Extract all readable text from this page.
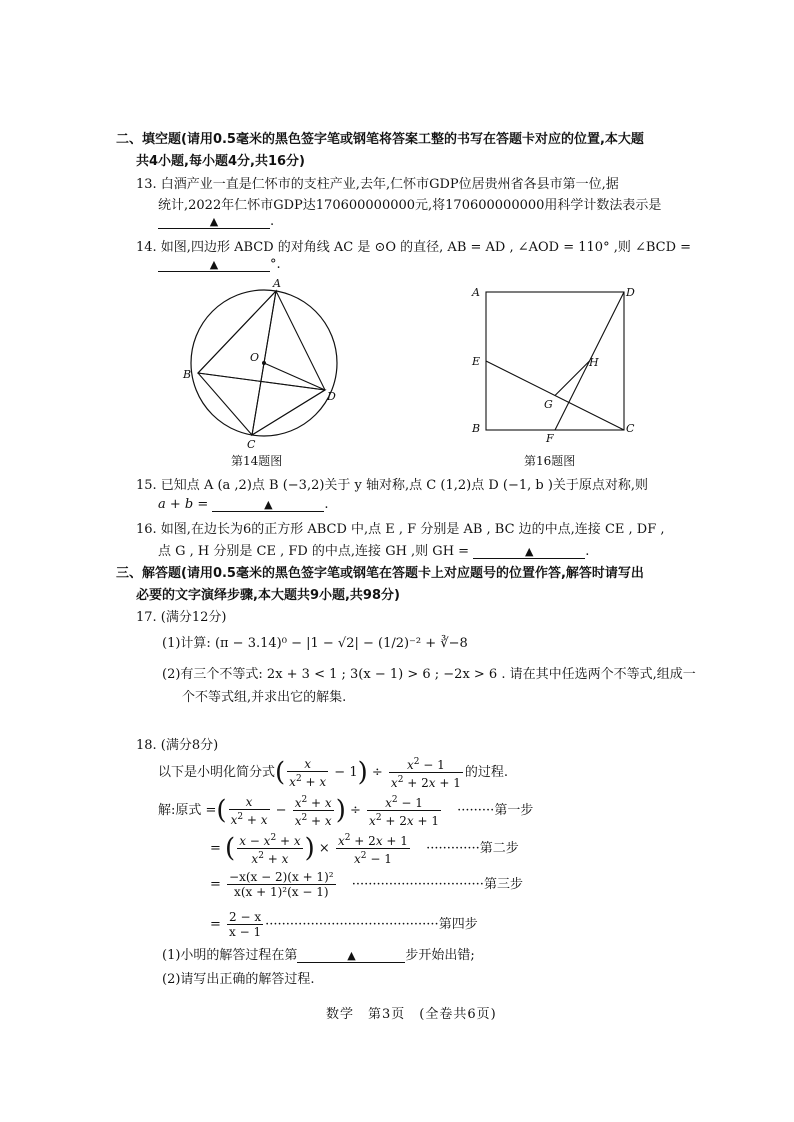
二、填空题(请用0.5毫米的黑色签字笔或钢笔将答案工整的书写在答题卡对应的位置,本大题
共4小题,每小题4分,共16分)
13. 白酒产业一直是仁怀市的支柱产业,去年,仁怀市GDP位居贵州省各县市第一位,据
统计,2022年仁怀市GDP达170600000000元,将170600000000用科学计数法表示是
▲	.
14. 如图,四边形 ABCD 的对角线 AC 是 ⊙O 的直径, AB = AD , ∠AOD = 110° ,则 ∠BCD =
▲	°.
A
O
B
D
C
第14题图
A	D
E	H
G
B
F
C
第16题图
15. 已知点 A (a ,2)点 B (−3,2)关于 y 轴对称,点 C (1,2)点 D (−1, b )关于原点对称,则
a + b =	▲	.
16. 如图,在边长为6的正方形 ABCD 中,点 E , F 分别是 AB , BC 边的中点,连接 CE , DF ,
点 G , H 分别是 CE , FD 的中点,连接 GH ,则 GH =	▲	.
三、解答题(请用0.5毫米的黑色签字笔或钢笔在答题卡上对应题号的位置作答,解答时请写出
必要的文字演绎步骤,本大题共9小题,共98分)
17. (满分12分)
(1)计算: (π − 3.14)⁰ − |1 − √2| − (1/2)⁻² + ∛−8
(2)有三个不等式: 2x + 3 < 1 ; 3(x − 1) > 6 ; −2x > 6 . 请在其中任选两个不等式,组成一
个不等式组,并求出它的解集.
18. (满分8分)
以下是小明化简分式( $\frac{x}{x^2 + x} - 1) \div \frac{x^2 - 1}{x^2 + 2x + 1}$ 的过程.
解:原式 =( $\frac{x}{x^2 + x} - \frac{x^2 + x}{x^2 + x}$ ) ÷ $\frac{x^2 - 1}{x^2 + 2x + 1}$ ·········第一步
= ( $\frac{x - x^2 + x}{x^2 + x}$ ) × $\frac{x^2 + 2x + 1}{x^2 - 1}$ ·············第二步
= $\frac{\text{−x(x − 2)(x + 1)²}}{\text{x(x + 1)²(x − 1)}}$ ································第三步
= $\frac{2 - x}{x - 1}$ ··········································第四步
(1)小明的解答过程在第	▲	步开始出错;
(2)请写出正确的解答过程.
数学　第3页　(全卷共6页)
